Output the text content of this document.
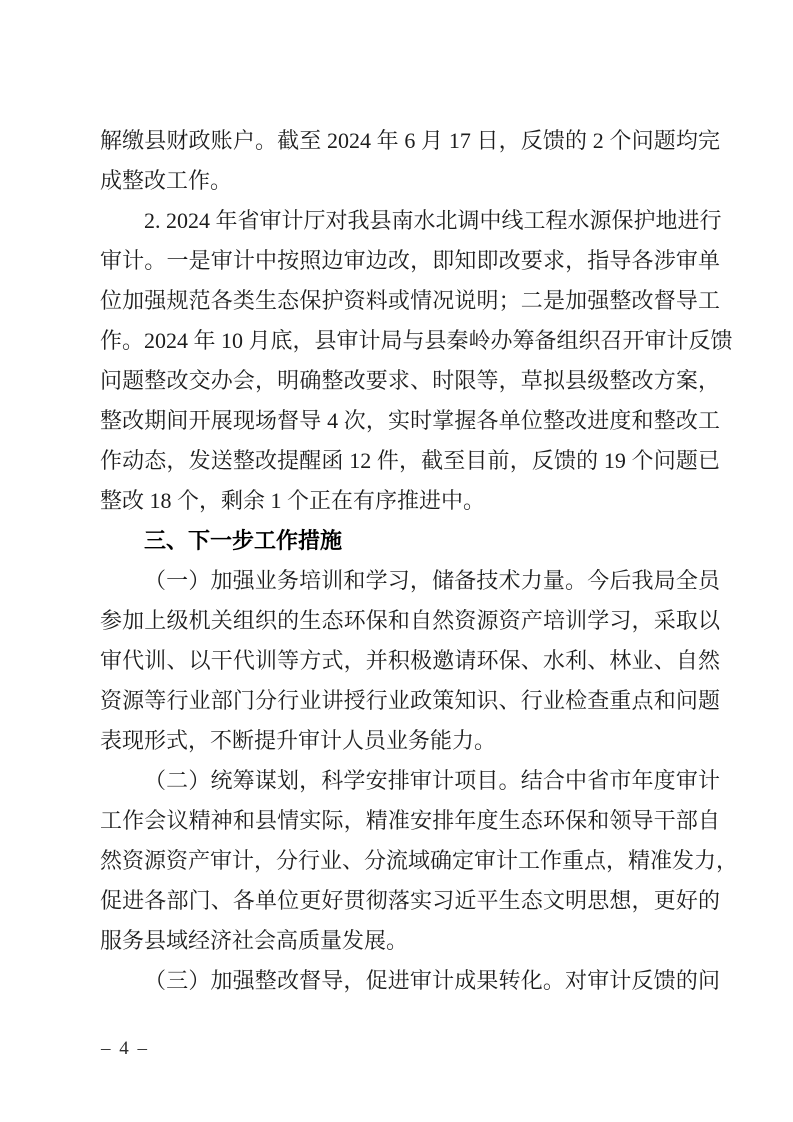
解缴县财政账户。截至 2024 年 6 月 17 日，反馈的 2 个问题均完
成整改工作。
2. 2024 年省审计厅对我县南水北调中线工程水源保护地进行
审计。一是审计中按照边审边改，即知即改要求，指导各涉审单
位加强规范各类生态保护资料或情况说明；二是加强整改督导工
作。2024 年 10 月底，县审计局与县秦岭办筹备组织召开审计反馈
问题整改交办会，明确整改要求、时限等，草拟县级整改方案，
整改期间开展现场督导 4 次，实时掌握各单位整改进度和整改工
作动态，发送整改提醒函 12 件，截至目前，反馈的 19 个问题已
整改 18 个，剩余 1 个正在有序推进中。
三、下一步工作措施
（一）加强业务培训和学习，储备技术力量。今后我局全员
参加上级机关组织的生态环保和自然资源资产培训学习，采取以
审代训、以干代训等方式，并积极邀请环保、水利、林业、自然
资源等行业部门分行业讲授行业政策知识、行业检查重点和问题
表现形式，不断提升审计人员业务能力。
（二）统筹谋划，科学安排审计项目。结合中省市年度审计
工作会议精神和县情实际，精准安排年度生态环保和领导干部自
然资源资产审计，分行业、分流域确定审计工作重点，精准发力，
促进各部门、各单位更好贯彻落实习近平生态文明思想，更好的
服务县域经济社会高质量发展。
（三）加强整改督导，促进审计成果转化。对审计反馈的问
– 4 –
